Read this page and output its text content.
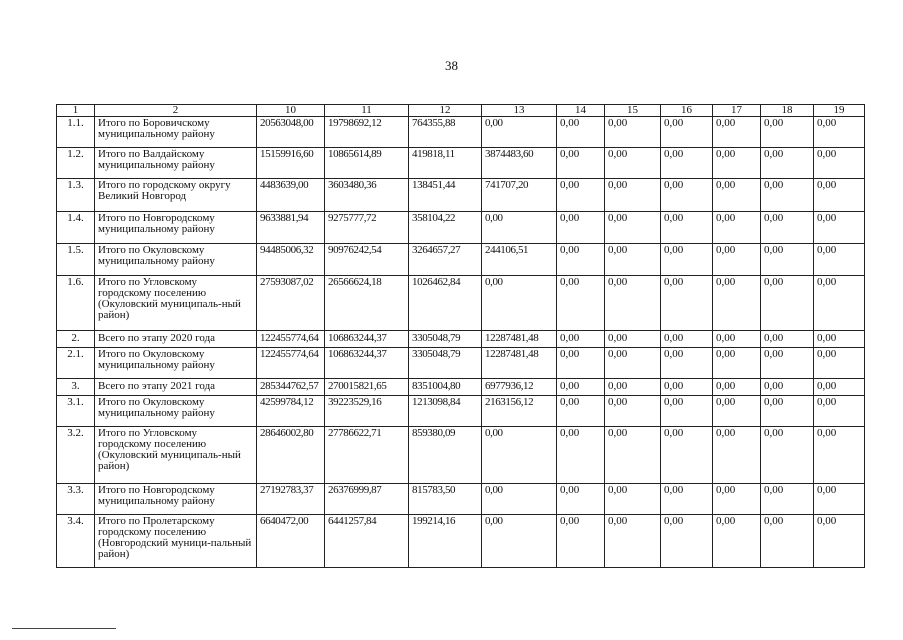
38
1	2	10	11	12	13	14	15	16	17	18	19
1.1.	Итого по Боровичскому муниципальному району	20563048,00	19798692,12	764355,88	0,00	0,00	0,00	0,00	0,00	0,00	0,00
1.2.	Итого по Валдайскому муниципальному району	15159916,60	10865614,89	419818,11	3874483,60	0,00	0,00	0,00	0,00	0,00	0,00
1.3.	Итого по городскому округу Великий Новгород	4483639,00	3603480,36	138451,44	741707,20	0,00	0,00	0,00	0,00	0,00	0,00
1.4.	Итого по Новгородскому муниципальному району	9633881,94	9275777,72	358104,22	0,00	0,00	0,00	0,00	0,00	0,00	0,00
1.5.	Итого по Окуловскому муниципальному району	94485006,32	90976242,54	3264657,27	244106,51	0,00	0,00	0,00	0,00	0,00	0,00
1.6.	Итого по Угловскому городскому поселению (Окуловский муниципаль-ный район)	27593087,02	26566624,18	1026462,84	0,00	0,00	0,00	0,00	0,00	0,00	0,00
2.	Всего по этапу 2020 года	122455774,64	106863244,37	3305048,79	12287481,48	0,00	0,00	0,00	0,00	0,00	0,00
2.1.	Итого по Окуловскому муниципальному району	122455774,64	106863244,37	3305048,79	12287481,48	0,00	0,00	0,00	0,00	0,00	0,00
3.	Всего по этапу 2021 года	285344762,57	270015821,65	8351004,80	6977936,12	0,00	0,00	0,00	0,00	0,00	0,00
3.1.	Итого по Окуловскому муниципальному району	42599784,12	39223529,16	1213098,84	2163156,12	0,00	0,00	0,00	0,00	0,00	0,00
3.2.	Итого по Угловскому городскому поселению (Окуловский муниципаль-ный район)	28646002,80	27786622,71	859380,09	0,00	0,00	0,00	0,00	0,00	0,00	0,00
3.3.	Итого по Новгородскому муниципальному району	27192783,37	26376999,87	815783,50	0,00	0,00	0,00	0,00	0,00	0,00	0,00
3.4.	Итого по Пролетарскому городскому поселению (Новгородский муници-пальный район)	6640472,00	6441257,84	199214,16	0,00	0,00	0,00	0,00	0,00	0,00	0,00
